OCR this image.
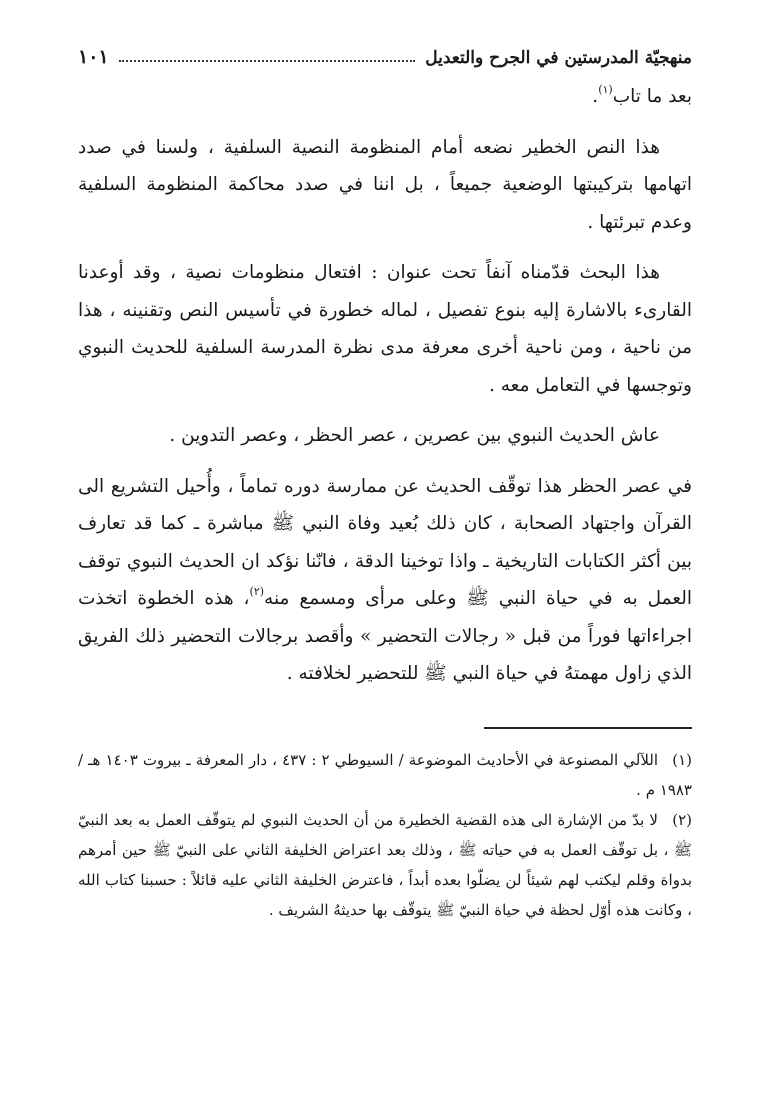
منهجيّة المدرستين في الجرح والتعديل
١٠١

بعد ما تاب$^{(١)}$.

هذا النص الخطير نضعه أمام المنظومة النصية السلفية ، ولسنا في صدد اتهامها بتركيبتها الوضعية جميعاً ، بل اننا في صدد محاكمة المنظومة السلفية وعدم تبرئتها .

هذا البحث قدّمناه آنفاً تحت عنوان : افتعال منظومات نصية ، وقد أوعدنا القارىء بالاشارة إليه بنوع تفصيل ، لماله خطورة في تأسيس النص وتقنينه ، هذا من ناحية ، ومن ناحية أخرى معرفة مدى نظرة المدرسة السلفية للحديث النبوي وتوجسها في التعامل معه .

عاش الحديث النبوي بين عصرين ، عصر الحظر ، وعصر التدوين .

في عصر الحظر هذا توقّف الحديث عن ممارسة دوره تماماً ، وأُحيل التشريع الى القرآن واجتهاد الصحابة ، كان ذلك بُعيد وفاة النبي ﷺ مباشرة ـ كما قد تعارف بين أكثر الكتابات التاريخية ـ واذا توخينا الدقة ، فانّنا نؤكد ان الحديث النبوي توقف العمل به في حياة النبي ﷺ وعلى مرأى ومسمع منه$^{(٢)}$، هذه الخطوة اتخذت اجراءاتها فوراً من قبل « رجالات التحضير » وأقصد برجالات التحضير ذلك الفريق الذي زاول مهمتهُ في حياة النبي ﷺ للتحضير لخلافته .

(١)اللآلي المصنوعة في الأحاديث الموضوعة / السيوطي ٢ : ٤٣٧ ، دار المعرفة ـ بيروت ١٤٠٣ هـ / ١٩٨٣ م .

(٢)لا بدّ من الإشارة الى هذه القضية الخطيرة من أن الحديث النبوي لم يتوقّف العمل به بعد النبيّ ﷺ ، بل توقّف العمل به في حياته ﷺ ، وذلك بعد اعتراض الخليفة الثاني على النبيّ ﷺ حين أمرهم بدواة وقلم ليكتب لهم شيئاً لن يضلّوا بعده أبداً ، فاعترض الخليفة الثاني عليه قائلاً : حسبنا كتاب الله ، وكانت هذه أوّل لحظة في حياة النبيّ ﷺ يتوقّف بها حديثهُ الشريف .
